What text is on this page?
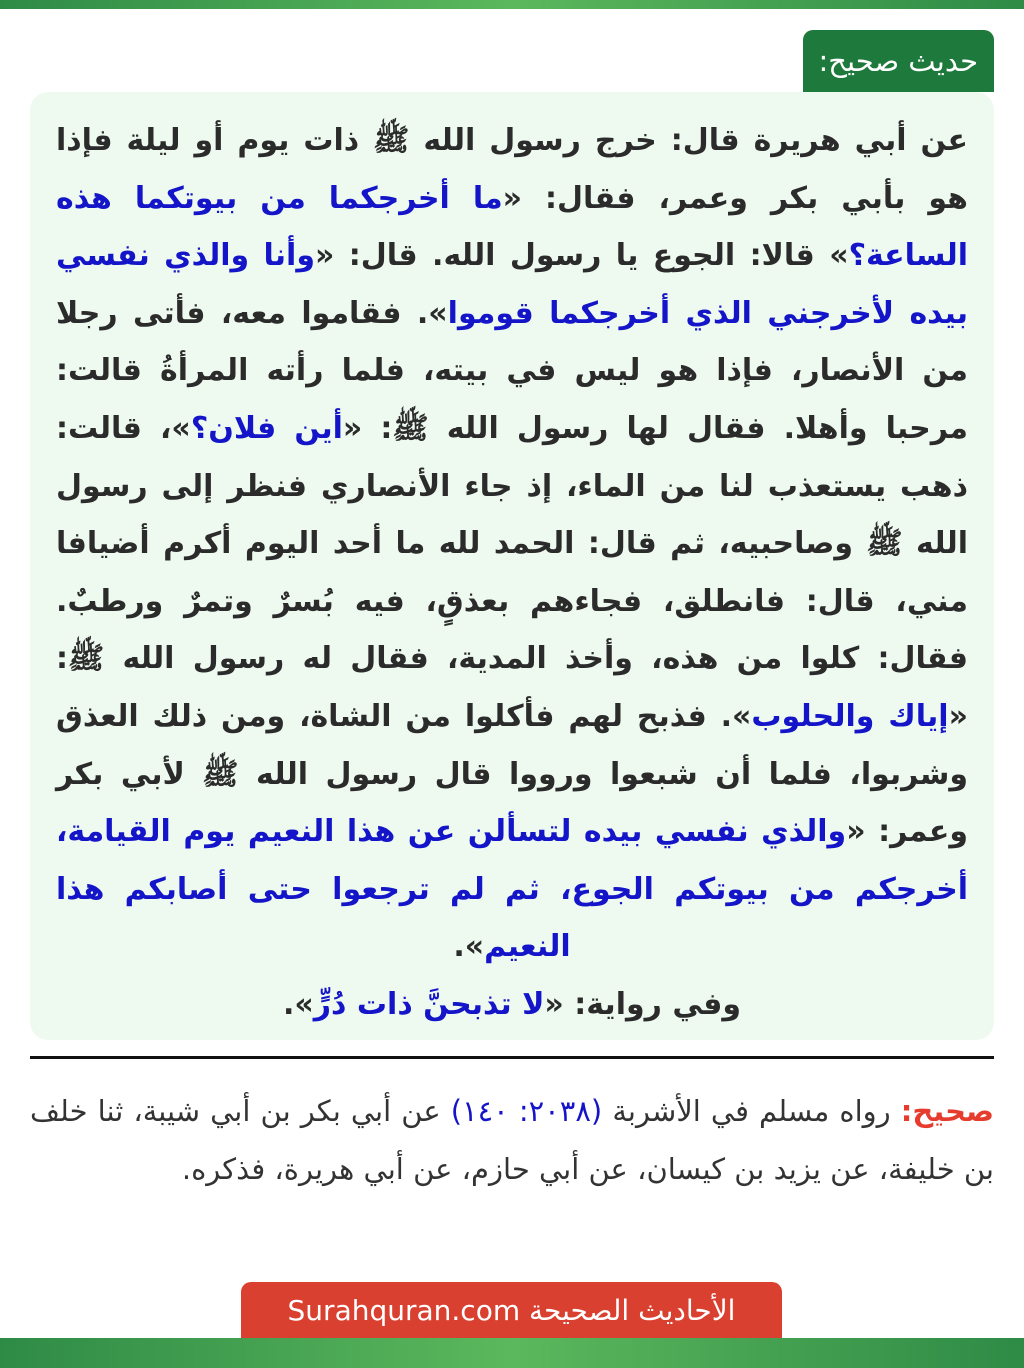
حديث صحيح:

عن أبي هريرة قال: خرج رسول الله ﷺ ذات يوم أو ليلة فإذا هو بأبي بكر وعمر، فقال: «ما أخرجكما من بيوتكما هذه الساعة؟» قالا: الجوع يا رسول الله. قال: «وأنا والذي نفسي بيده لأخرجني الذي أخرجكما قوموا». فقاموا معه، فأتى رجلا من الأنصار، فإذا هو ليس في بيته، فلما رأته المرأةُ قالت: مرحبا وأهلا. فقال لها رسول الله ﷺ: «أين فلان؟»، قالت: ذهب يستعذب لنا من الماء، إذ جاء الأنصاري فنظر إلى رسول الله ﷺ وصاحبيه، ثم قال: الحمد لله ما أحد اليوم أكرم أضيافا مني، قال: فانطلق، فجاءهم بعذقٍ، فيه بُسرٌ وتمرٌ ورطبٌ. فقال: كلوا من هذه، وأخذ المدية، فقال له رسول الله ﷺ: «إياك والحلوب». فذبح لهم فأكلوا من الشاة، ومن ذلك العذق وشربوا، فلما أن شبعوا ورووا قال رسول الله ﷺ لأبي بكر وعمر: «والذي نفسي بيده لتسألن عن هذا النعيم يوم القيامة، أخرجكم من بيوتكم الجوع، ثم لم ترجعوا حتى أصابكم هذا النعيم».

وفي رواية: «لا تذبحنَّ ذات دُرٍّ».

صحيح: رواه مسلم في الأشربة (٢٠٣٨: ١٤٠) عن أبي بكر بن أبي شيبة، ثنا خلف بن خليفة، عن يزيد بن كيسان، عن أبي حازم، عن أبي هريرة، فذكره.
الأحاديث الصحيحة Surahquran.com
